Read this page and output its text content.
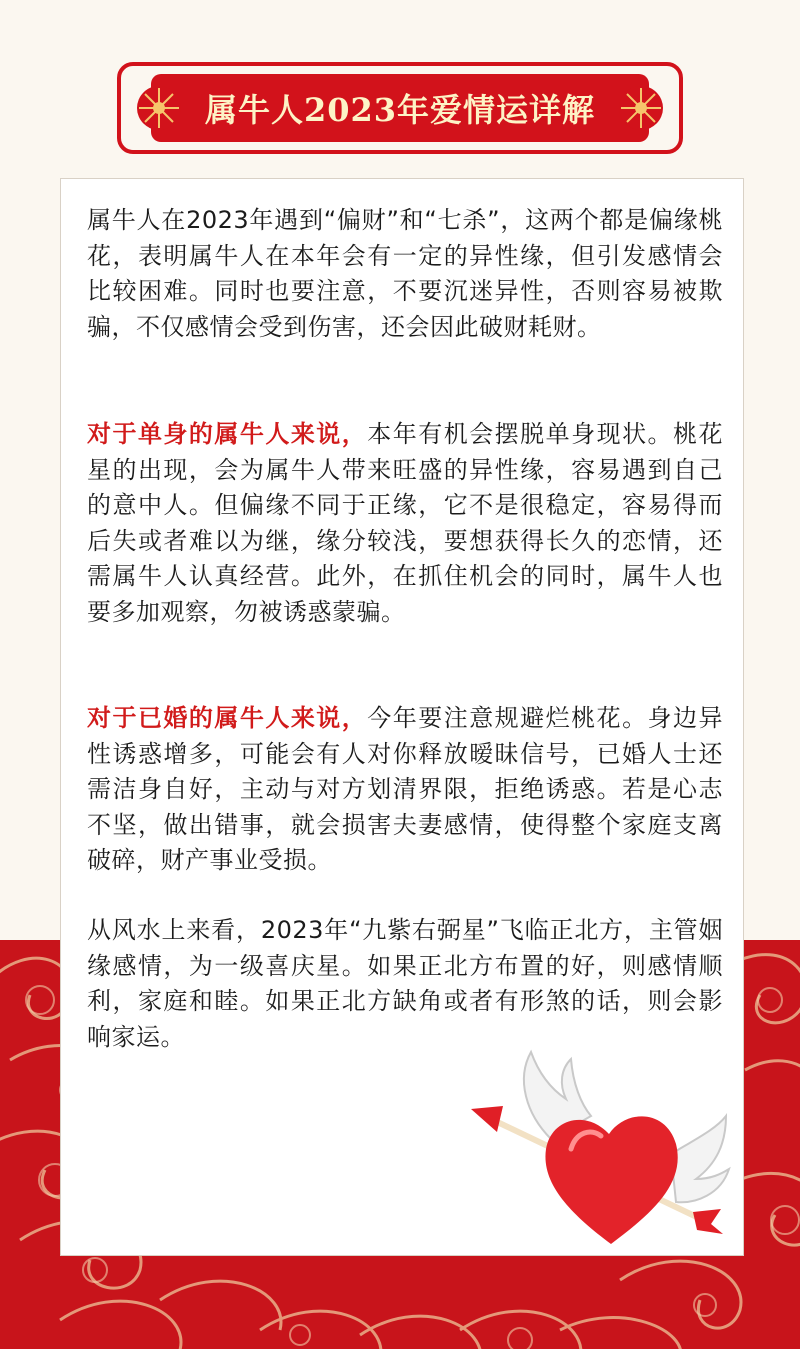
属牛人2023年爱情运详解

属牛人在2023年遇到“偏财”和“七杀”，这两个都是偏缘桃花，表明属牛人在本年会有一定的异性缘，但引发感情会比较困难。同时也要注意，不要沉迷异性，否则容易被欺骗，不仅感情会受到伤害，还会因此破财耗财。

对于单身的属牛人来说，本年有机会摆脱单身现状。桃花星的出现，会为属牛人带来旺盛的异性缘，容易遇到自己的意中人。但偏缘不同于正缘，它不是很稳定，容易得而后失或者难以为继，缘分较浅，要想获得长久的恋情，还需属牛人认真经营。此外，在抓住机会的同时，属牛人也要多加观察，勿被诱惑蒙骗。

对于已婚的属牛人来说，今年要注意规避烂桃花。身边异性诱惑增多，可能会有人对你释放暧昧信号，已婚人士还需洁身自好，主动与对方划清界限，拒绝诱惑。若是心志不坚，做出错事，就会损害夫妻感情，使得整个家庭支离破碎，财产事业受损。

从风水上来看，2023年“九紫右弼星”飞临正北方，主管姻缘感情，为一级喜庆星。如果正北方布置的好，则感情顺利，家庭和睦。如果正北方缺角或者有形煞的话，则会影响家运。
